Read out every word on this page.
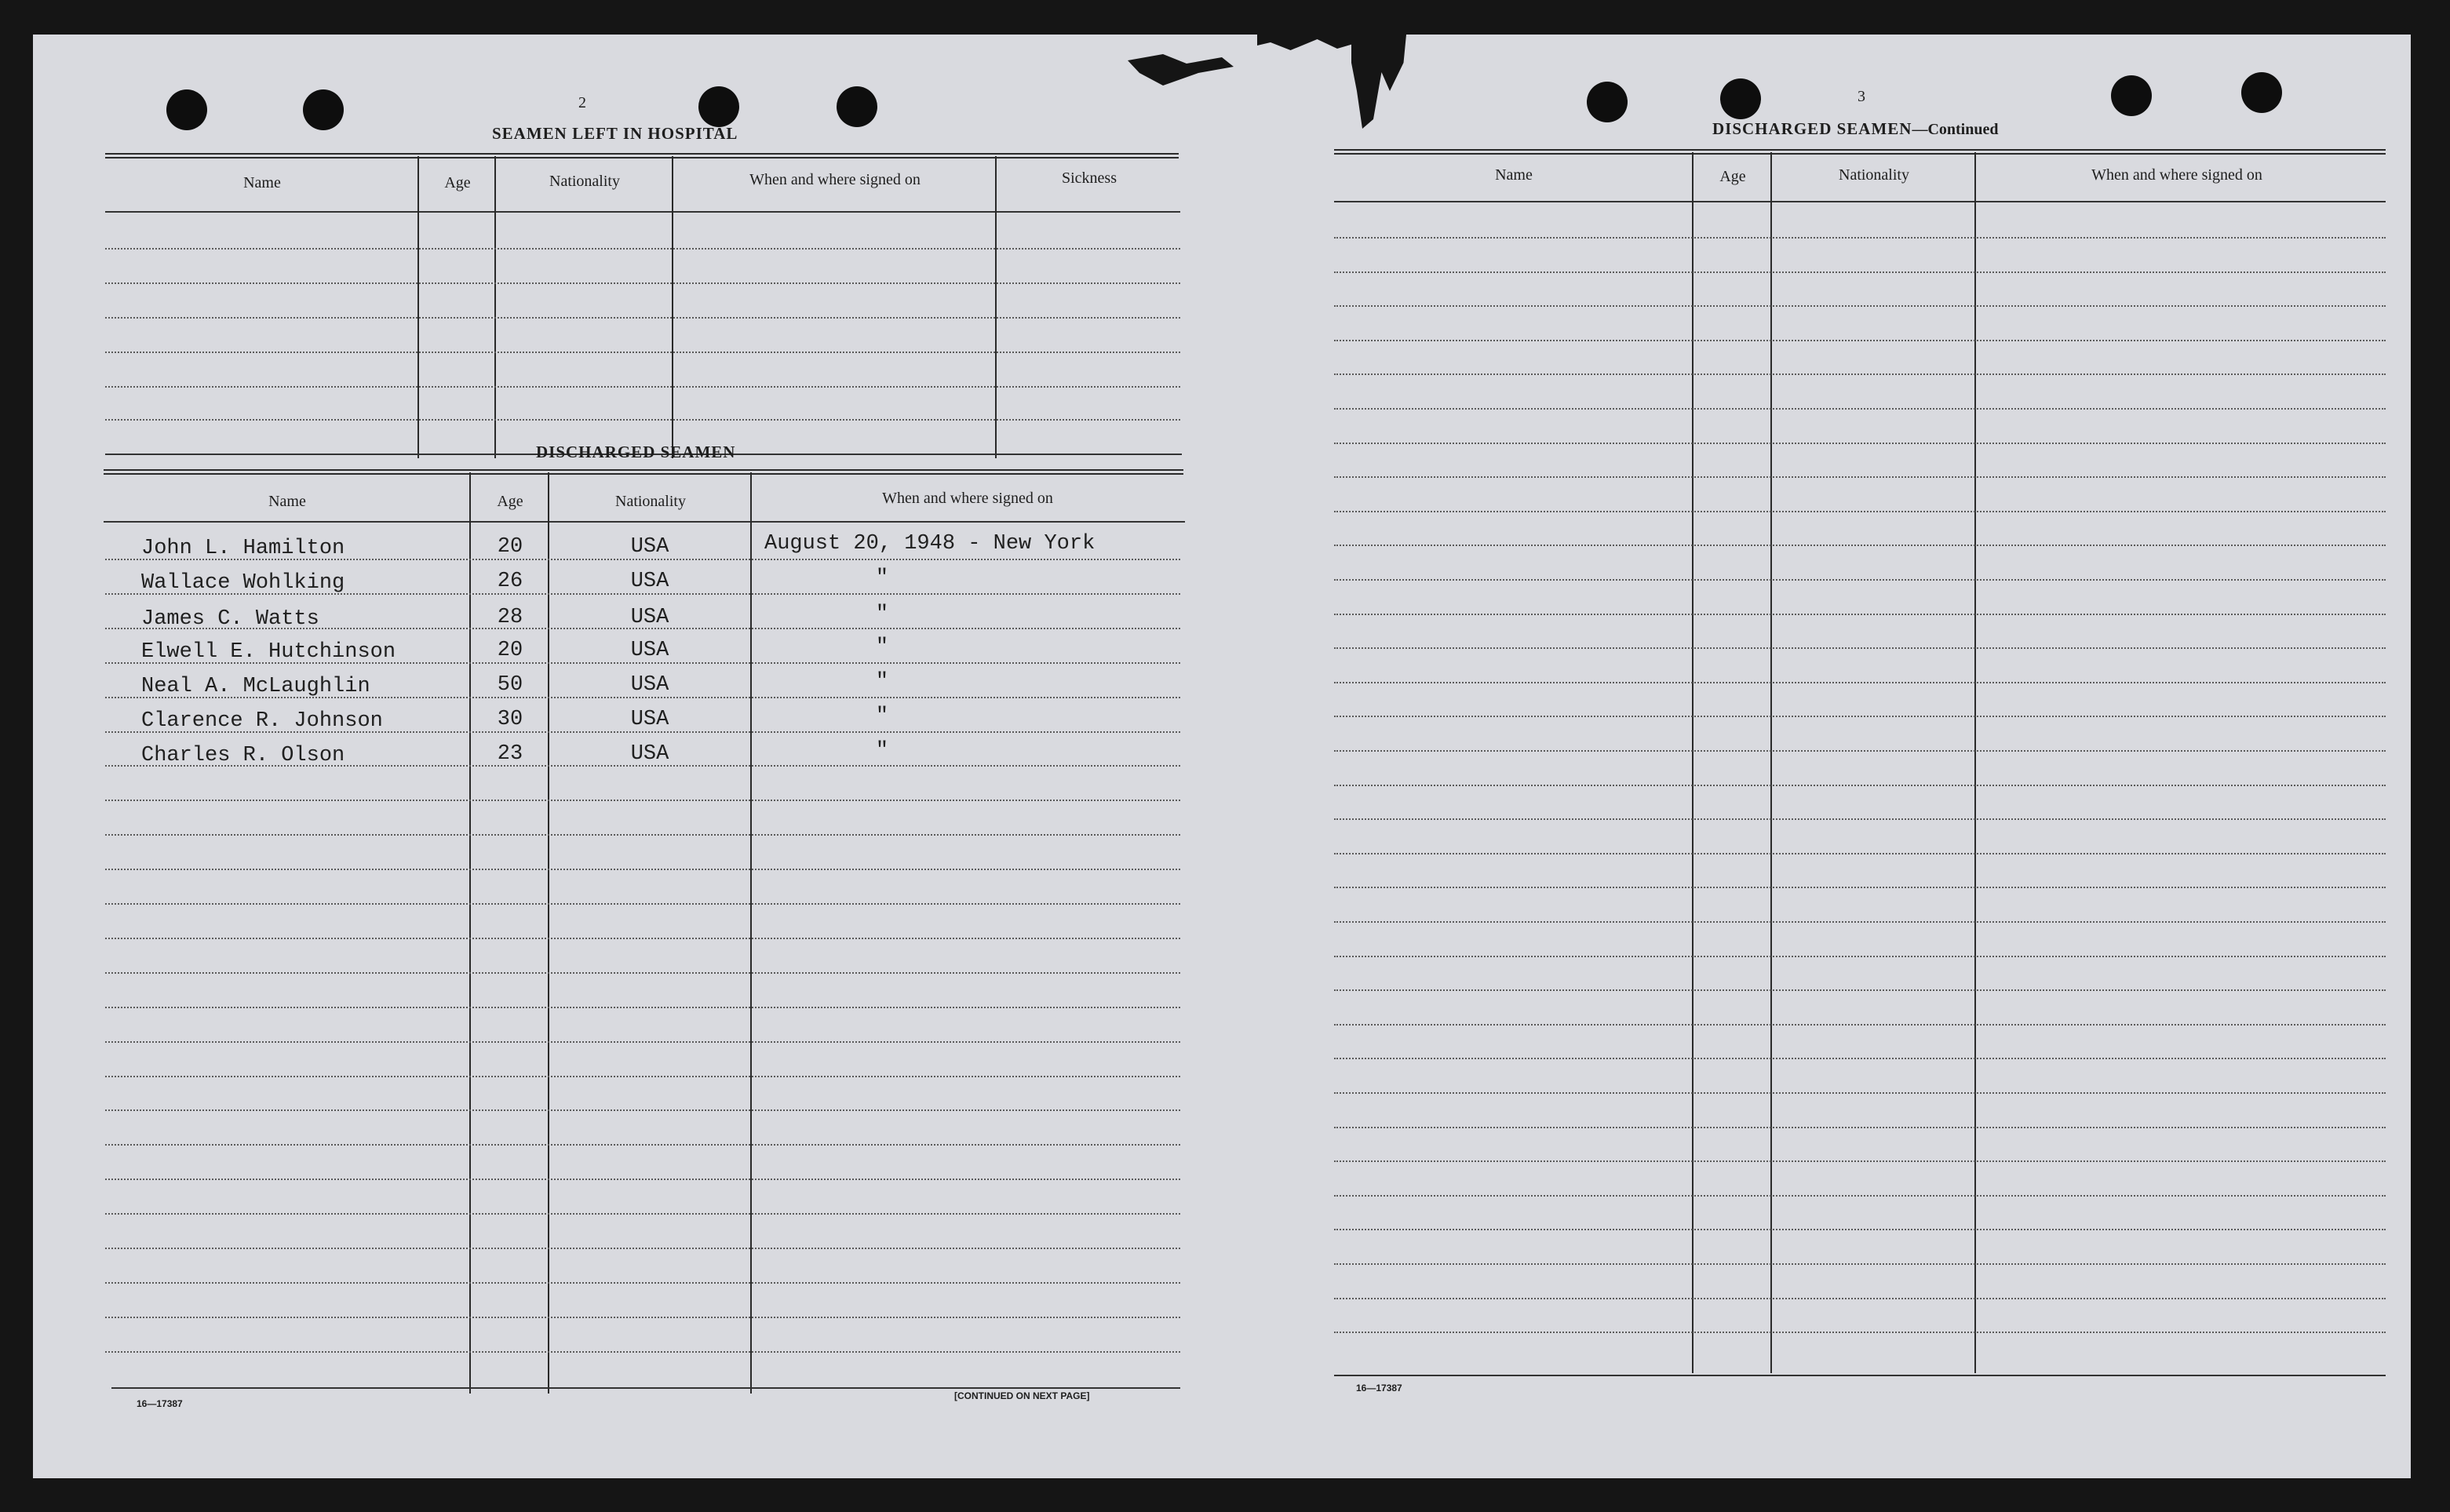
2
SEAMEN LEFT IN HOSPITAL
Name	Age	Nationality	When and where signed on	Sickness
DISCHARGED SEAMEN
Name	Age	Nationality	When and where signed on
John L. Hamilton	20	USA	August 20, 1948 - New York
Wallace Wohlking	26	USA	"
James C. Watts	28	USA	"
Elwell E. Hutchinson	20	USA	"
Neal A. McLaughlin	50	USA	"
Clarence R. Johnson	30	USA	"
Charles R. Olson	23	USA	"
16—17387
[CONTINUED ON NEXT PAGE]
3
DISCHARGED SEAMEN—Continued
Name	Age	Nationality	When and where signed on
16—17387
